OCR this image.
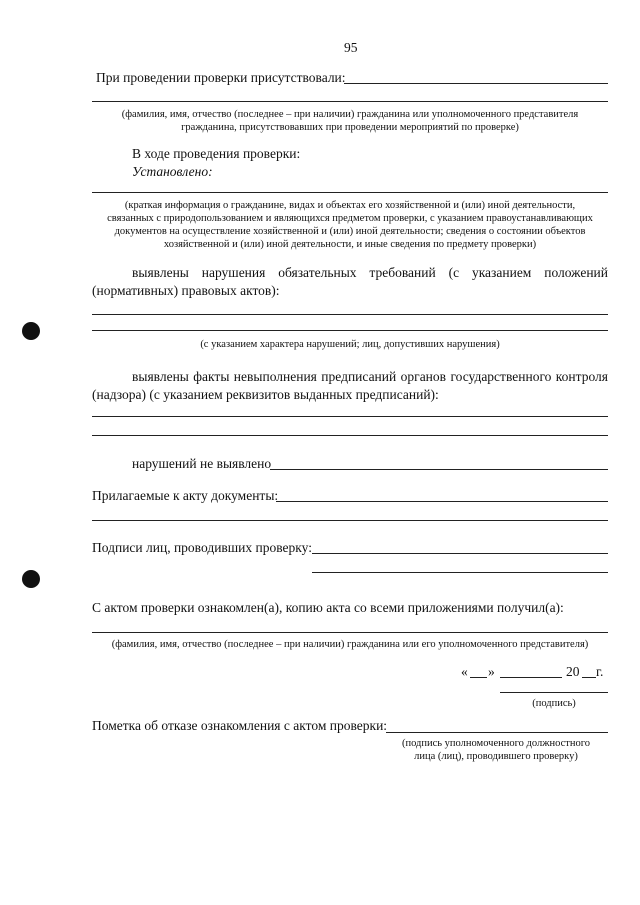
95
При проведении проверки присутствовали:
(фамилия, имя, отчество (последнее – при наличии) гражданина или уполномоченного представителя
гражданина, присутствовавших при проведении мероприятий по проверке)
В ходе проведения проверки:
Установлено:
(краткая информация о гражданине, видах и объектах его хозяйственной и (или) иной деятельности,
связанных с природопользованием и являющихся предметом проверки, с указанием правоустанавливающих
документов на осуществление хозяйственной и (или) иной деятельности; сведения о состоянии объектов
хозяйственной и (или) иной деятельности, и иные сведения по предмету проверки)
выявлены нарушения обязательных требований (с указанием положений
(нормативных) правовых актов):
(с указанием характера нарушений; лиц, допустивших нарушения)
выявлены факты невыполнения предписаний органов государственного контроля
(надзора) (с указанием реквизитов выданных предписаний):
нарушений не выявлено
Прилагаемые к акту документы:
Подписи лиц, проводивших проверку:
С актом проверки ознакомлен(а), копию акта со всеми приложениями получил(а):
(фамилия, имя, отчество (последнее – при наличии) гражданина или его уполномоченного представителя)
« »	20 г.
(подпись)
Пометка об отказе ознакомления с актом проверки:
(подпись уполномоченного должностного
лица (лиц), проводившего проверку)
